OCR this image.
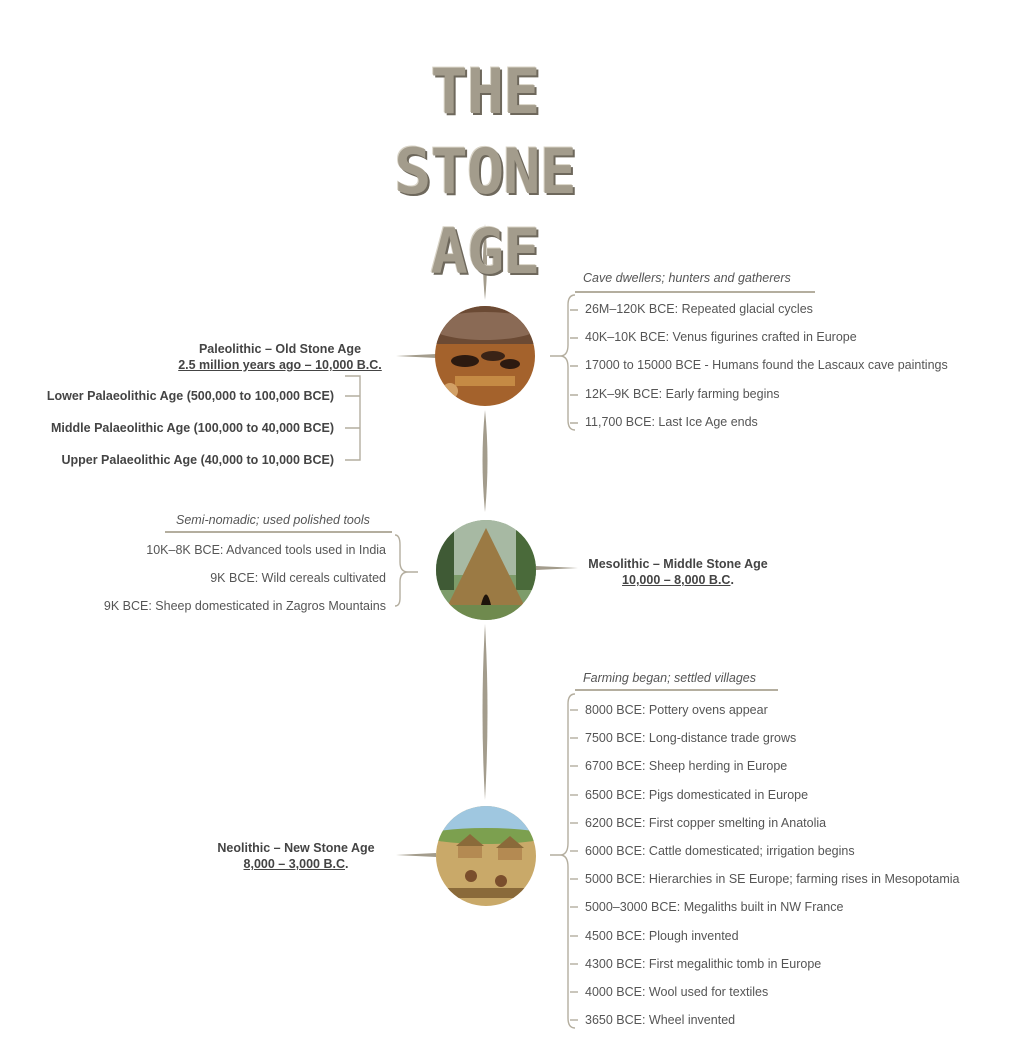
THE STONE
AGE
Paleolithic – Old Stone Age
2.5 million years ago – 10,000 B.C.
Lower Palaeolithic Age (500,000 to 100,000 BCE)
Middle Palaeolithic Age (100,000 to 40,000 BCE)
Upper Palaeolithic Age (40,000 to 10,000 BCE)
Cave dwellers; hunters and gatherers
26M–120K BCE: Repeated glacial cycles
40K–10K BCE: Venus figurines crafted in Europe
17000 to 15000 BCE - Humans found the Lascaux cave paintings
12K–9K BCE: Early farming begins
11,700 BCE: Last Ice Age ends
Mesolithic – Middle Stone Age
10,000 – 8,000 B.C.
Semi-nomadic; used polished tools
10K–8K BCE: Advanced tools used in India
9K BCE: Wild cereals cultivated
9K BCE: Sheep domesticated in Zagros Mountains
Neolithic – New Stone Age
8,000 – 3,000 B.C.
Farming began; settled villages
8000 BCE: Pottery ovens appear
7500 BCE: Long-distance trade grows
6700 BCE: Sheep herding in Europe
6500 BCE: Pigs domesticated in Europe
6200 BCE: First copper smelting in Anatolia
6000 BCE: Cattle domesticated; irrigation begins
5000 BCE: Hierarchies in SE Europe; farming rises in Mesopotamia
5000–3000 BCE: Megaliths built in NW France
4500 BCE: Plough invented
4300 BCE: First megalithic tomb in Europe
4000 BCE: Wool used for textiles
3650 BCE: Wheel invented
